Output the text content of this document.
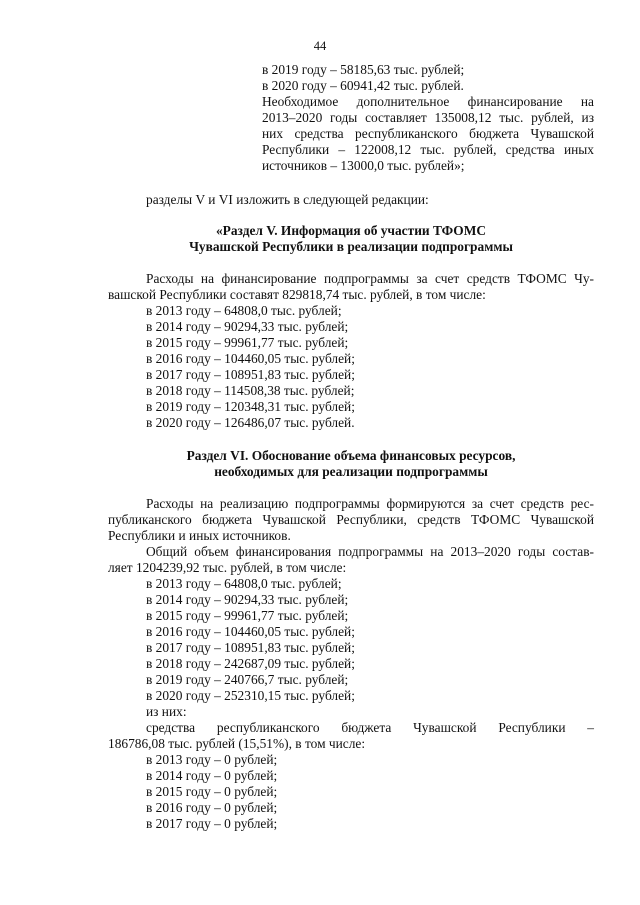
44
в 2019 году – 58185,63 тыс. рублей;
в 2020 году – 60941,42 тыс. рублей.
Необходимое дополнительное финансирование на
2013–2020 годы составляет 135008,12 тыс. рублей, из
них средства республиканского бюджета Чувашской
Республики – 122008,12 тыс. рублей, средства иных
источников – 13000,0 тыс. рублей»;
разделы V и VI изложить в следующей редакции:
«Раздел V. Информация об участии ТФОМС
Чувашской Республики в реализации подпрограммы
Расходы на финансирование подпрограммы за счет средств ТФОМС Чу-
вашской Республики составят 829818,74 тыс. рублей, в том числе:
в 2013 году – 64808,0 тыс. рублей;
в 2014 году – 90294,33 тыс. рублей;
в 2015 году – 99961,77 тыс. рублей;
в 2016 году – 104460,05 тыс. рублей;
в 2017 году – 108951,83 тыс. рублей;
в 2018 году – 114508,38 тыс. рублей;
в 2019 году – 120348,31 тыс. рублей;
в 2020 году – 126486,07 тыс. рублей.
Раздел VI. Обоснование объема финансовых ресурсов,
необходимых для реализации подпрограммы
Расходы на реализацию подпрограммы формируются за счет средств рес-
публиканского бюджета Чувашской Республики, средств ТФОМС Чувашской
Республики и иных источников.
Общий объем финансирования подпрограммы на 2013–2020 годы состав-
ляет 1204239,92 тыс. рублей, в том числе:
в 2013 году – 64808,0 тыс. рублей;
в 2014 году – 90294,33 тыс. рублей;
в 2015 году – 99961,77 тыс. рублей;
в 2016 году – 104460,05 тыс. рублей;
в 2017 году – 108951,83 тыс. рублей;
в 2018 году – 242687,09 тыс. рублей;
в 2019 году – 240766,7 тыс. рублей;
в 2020 году – 252310,15 тыс. рублей;
из них:
средства республиканского бюджета Чувашской Республики –
186786,08 тыс. рублей (15,51%), в том числе:
в 2013 году – 0 рублей;
в 2014 году – 0 рублей;
в 2015 году – 0 рублей;
в 2016 году – 0 рублей;
в 2017 году – 0 рублей;
